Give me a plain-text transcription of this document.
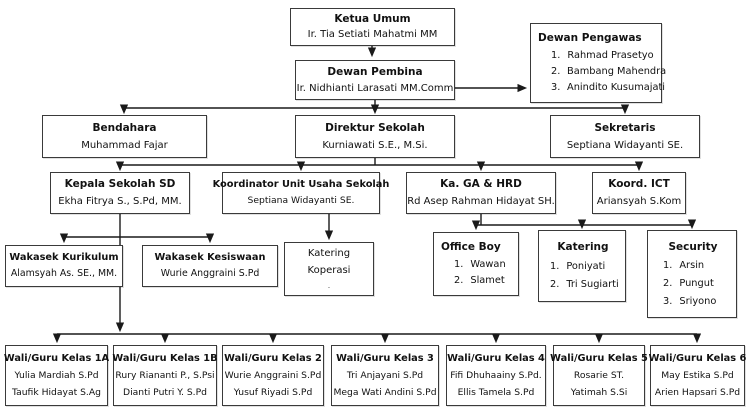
Ketua Umum
Ir. Tia Setiati Mahatmi MM
Dewan Pembina
Ir. Nidhianti Larasati MM.Comm
Dewan Pengawas
1. Rahmad Prasetyo
2. Bambang Mahendra
3. Anindito Kusumajati
Bendahara
Muhammad Fajar
Direktur Sekolah
Kurniawati S.E., M.Si.
Sekretaris
Septiana Widayanti SE.
Kepala Sekolah SD
Ekha Fitrya S., S.Pd, MM.
Koordinator Unit Usaha Sekolah
Septiana Widayanti SE.
Ka. GA & HRD
Rd Asep Rahman Hidayat SH.
Koord. ICT
Ariansyah S.Kom
Wakasek Kurikulum
Alamsyah As. SE., MM.
Wakasek Kesiswaan
Wurie Anggraini S.Pd
Katering
Koperasi
.
Office Boy
1. Wawan
2. Slamet
Katering
1. Poniyati
2. Tri Sugiarti
Security
1. Arsin
2. Pungut
3. Sriyono
Wali/Guru Kelas 1A
Yulia Mardiah S.Pd
Taufik Hidayat S.Ag
Wali/Guru Kelas 1B
Rury Riananti P., S.Psi
Dianti Putri Y. S.Pd
Wali/Guru Kelas 2
Wurie Anggraini S.Pd
Yusuf Riyadi S.Pd
Wali/Guru Kelas 3
Tri Anjayani S.Pd
Mega Wati Andini S.Pd
Wali/Guru Kelas 4
Fifi Dhuhaainy S.Pd.
Ellis Tamela S.Pd
Wali/Guru Kelas 5
Rosarie ST.
Yatimah S.Si
Wali/Guru Kelas 6
May Estika S.Pd
Arien Hapsari S.Pd
